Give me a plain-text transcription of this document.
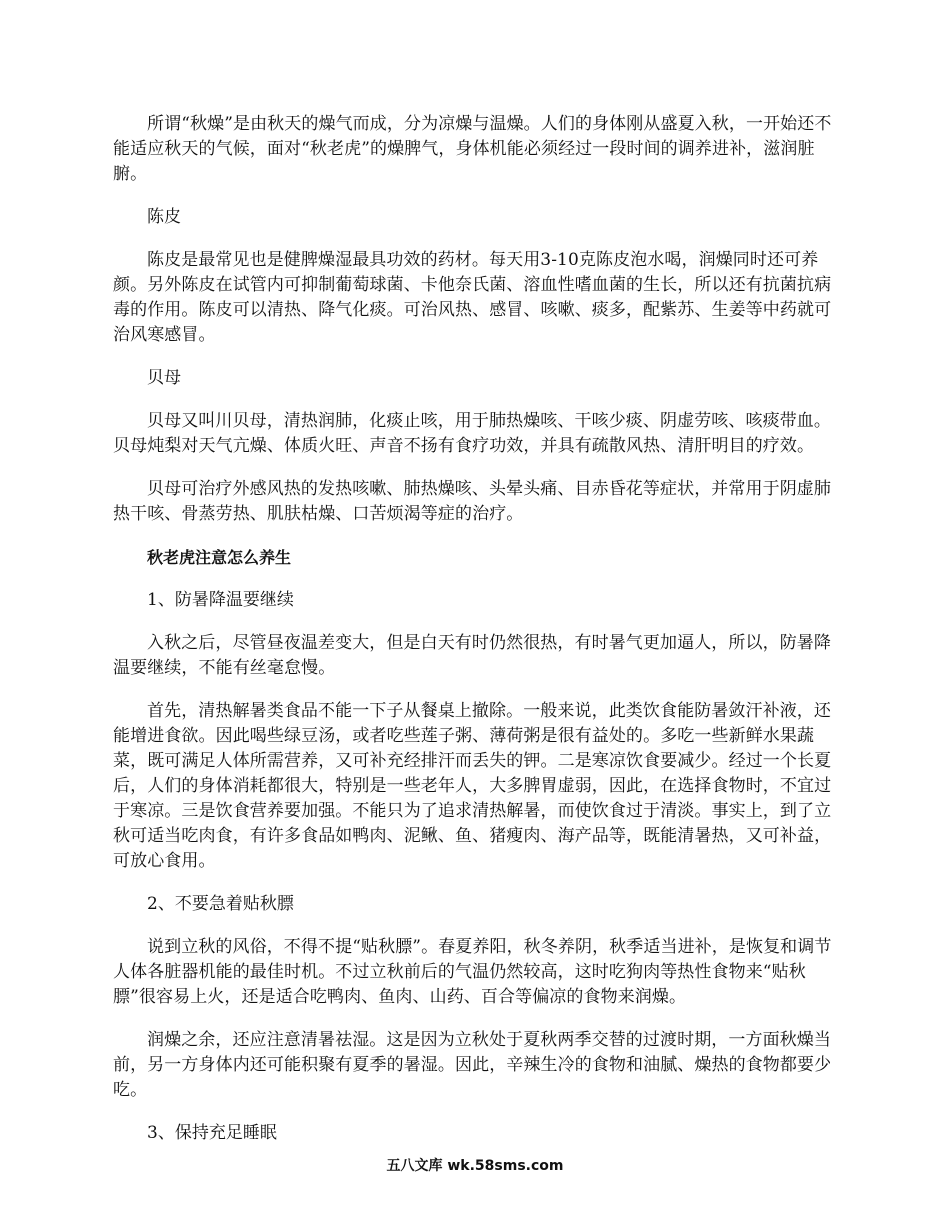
所谓“秋燥”是由秋天的燥气而成，分为凉燥与温燥。人们的身体刚从盛夏入秋，一开始还不能适应秋天的气候，面对“秋老虎”的燥脾气，身体机能必须经过一段时间的调养进补，滋润脏腑。

陈皮

陈皮是最常见也是健脾燥湿最具功效的药材。每天用3-10克陈皮泡水喝，润燥同时还可养颜。另外陈皮在试管内可抑制葡萄球菌、卡他奈氏菌、溶血性嗜血菌的生长，所以还有抗菌抗病毒的作用。陈皮可以清热、降气化痰。可治风热、感冒、咳嗽、痰多，配紫苏、生姜等中药就可治风寒感冒。

贝母

贝母又叫川贝母，清热润肺，化痰止咳，用于肺热燥咳、干咳少痰、阴虚劳咳、咳痰带血。贝母炖梨对天气亢燥、体质火旺、声音不扬有食疗功效，并具有疏散风热、清肝明目的疗效。

贝母可治疗外感风热的发热咳嗽、肺热燥咳、头晕头痛、目赤昏花等症状，并常用于阴虚肺热干咳、骨蒸劳热、肌肤枯燥、口苦烦渴等症的治疗。

秋老虎注意怎么养生

1、防暑降温要继续

入秋之后，尽管昼夜温差变大，但是白天有时仍然很热，有时暑气更加逼人，所以，防暑降温要继续，不能有丝毫怠慢。

首先，清热解暑类食品不能一下子从餐桌上撤除。一般来说，此类饮食能防暑敛汗补液，还能增进食欲。因此喝些绿豆汤，或者吃些莲子粥、薄荷粥是很有益处的。多吃一些新鲜水果蔬菜，既可满足人体所需营养，又可补充经排汗而丢失的钾。二是寒凉饮食要减少。经过一个长夏后，人们的身体消耗都很大，特别是一些老年人，大多脾胃虚弱，因此，在选择食物时，不宜过于寒凉。三是饮食营养要加强。不能只为了追求清热解暑，而使饮食过于清淡。事实上，到了立秋可适当吃肉食，有许多食品如鸭肉、泥鳅、鱼、猪瘦肉、海产品等，既能清暑热，又可补益，可放心食用。

2、不要急着贴秋膘

说到立秋的风俗，不得不提“贴秋膘”。春夏养阳，秋冬养阴，秋季适当进补，是恢复和调节人体各脏器机能的最佳时机。不过立秋前后的气温仍然较高，这时吃狗肉等热性食物来“贴秋膘”很容易上火，还是适合吃鸭肉、鱼肉、山药、百合等偏凉的食物来润燥。

润燥之余，还应注意清暑祛湿。这是因为立秋处于夏秋两季交替的过渡时期，一方面秋燥当前，另一方身体内还可能积聚有夏季的暑湿。因此，辛辣生冷的食物和油腻、燥热的食物都要少吃。

3、保持充足睡眠

五八文库 wk.58sms.com
